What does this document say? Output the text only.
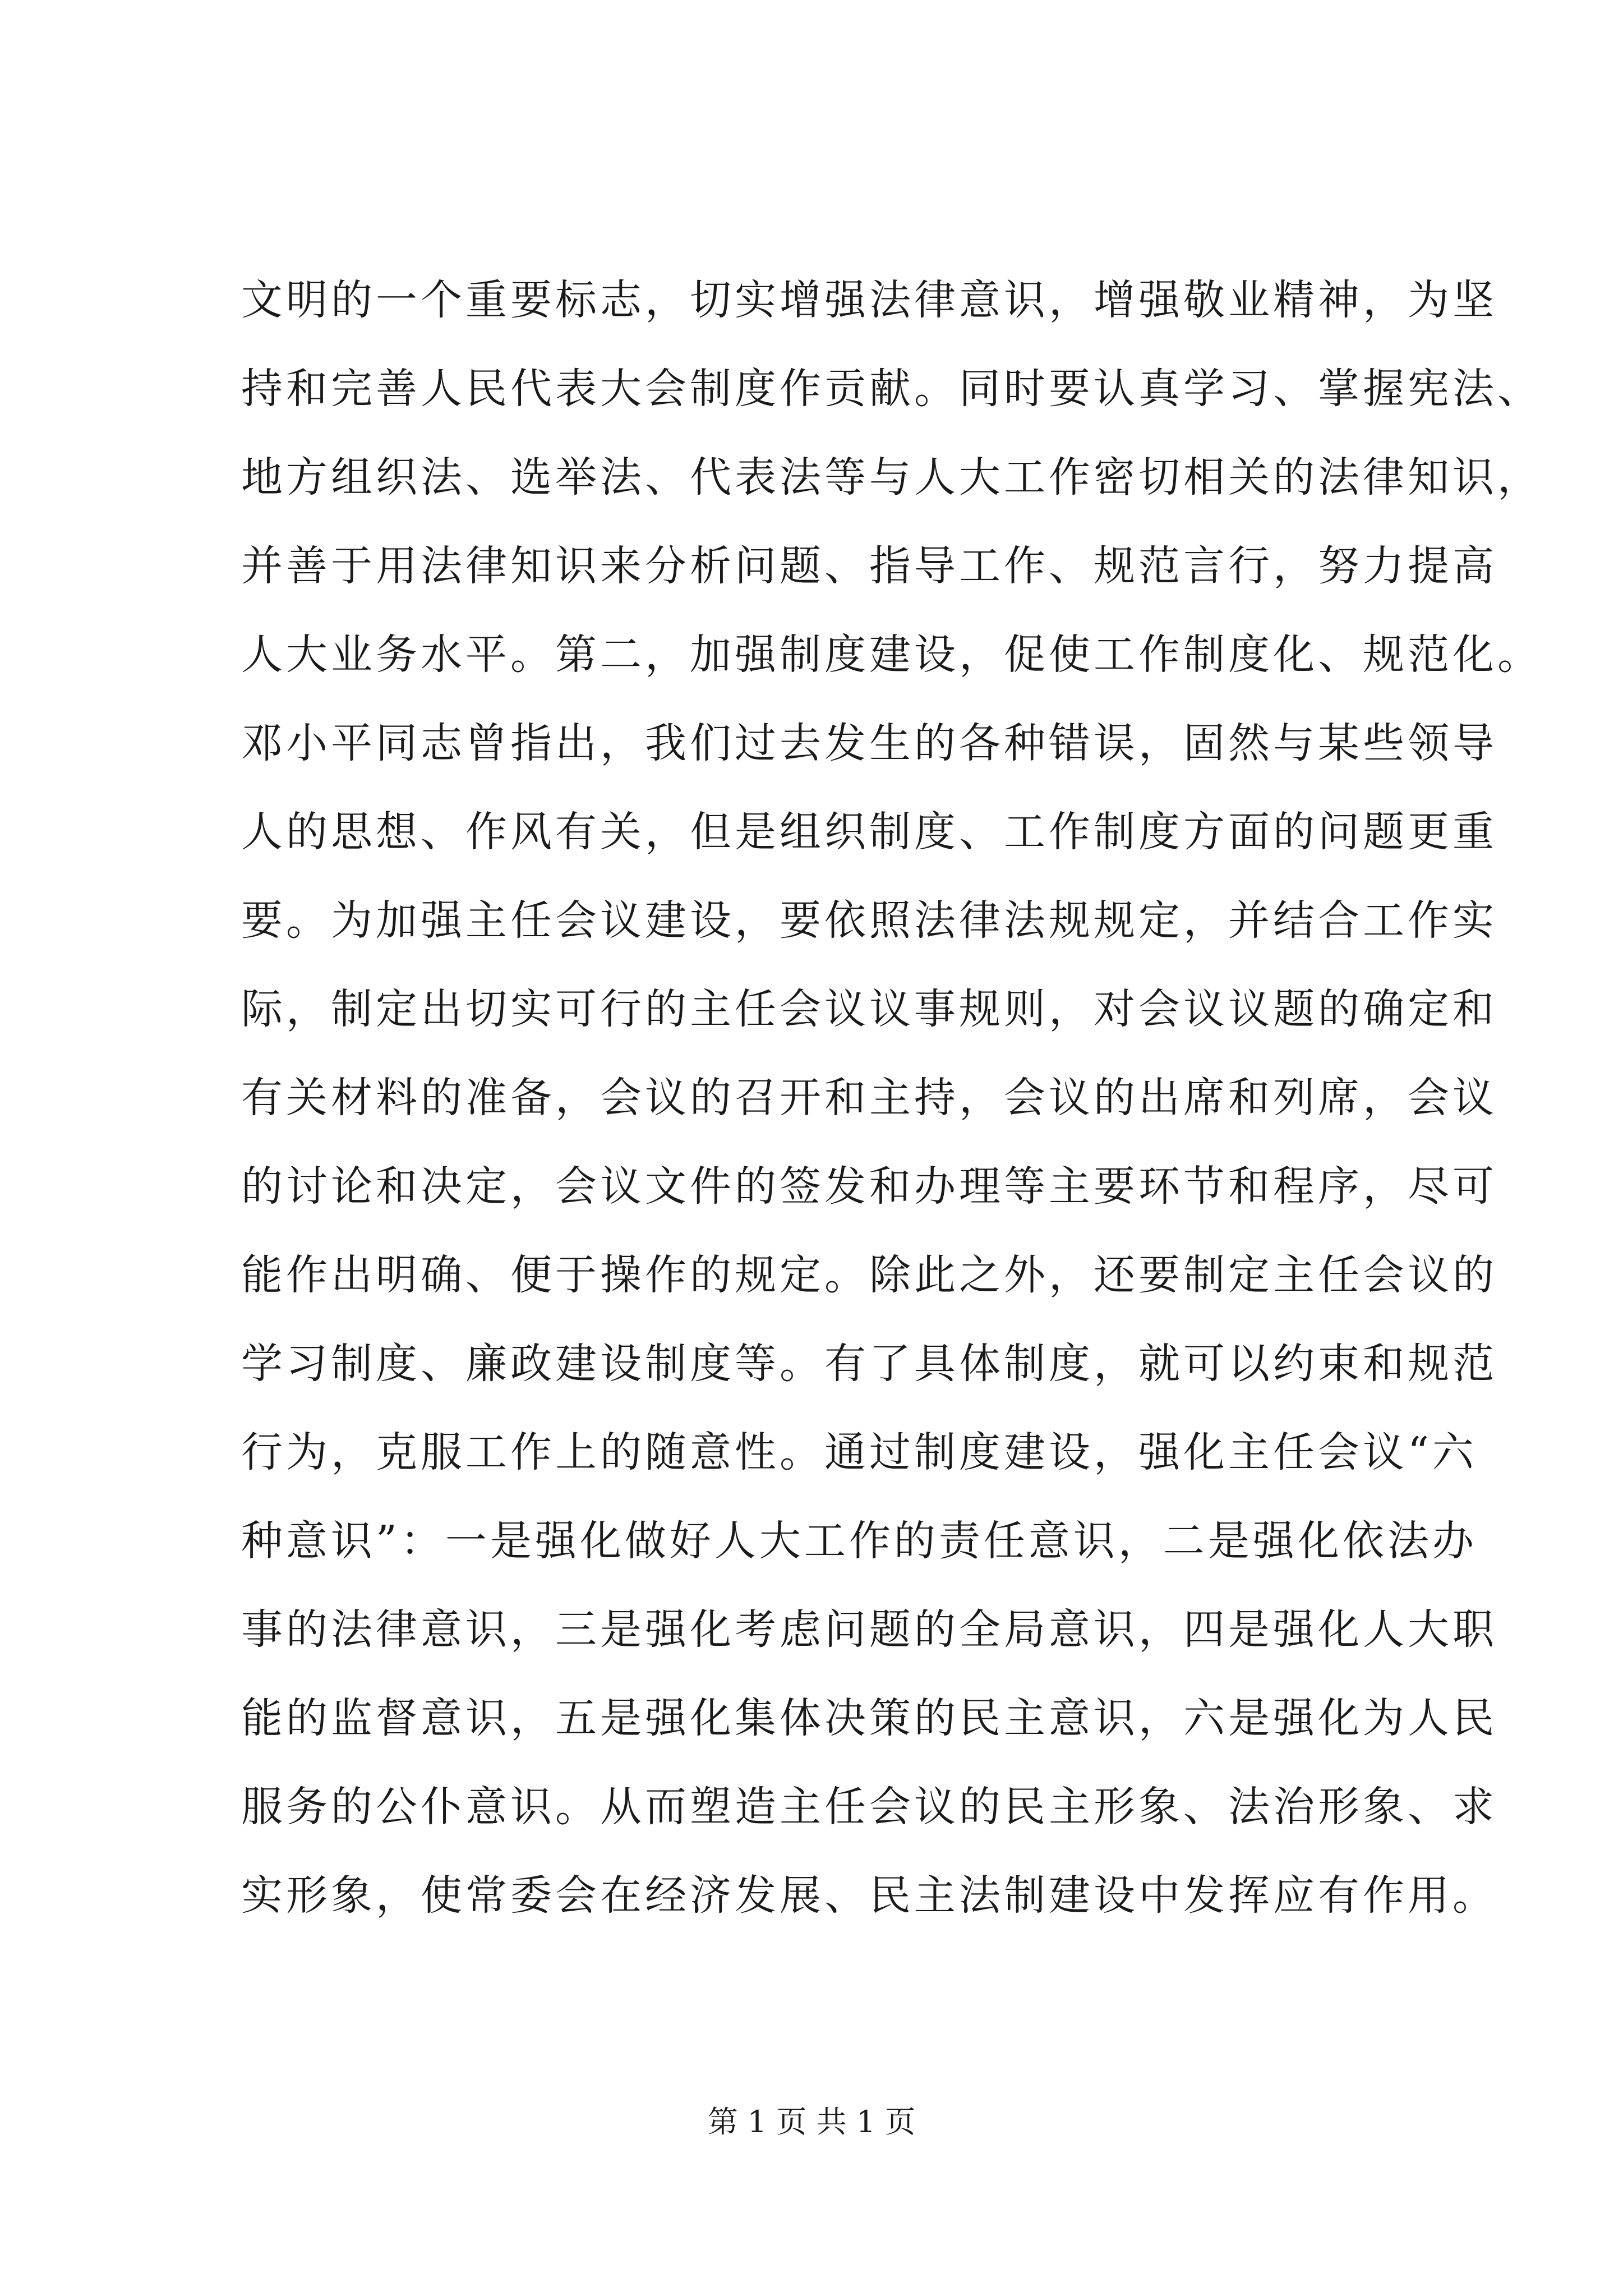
文明的一个重要标志，切实增强法律意识，增强敬业精神，为坚
持和完善人民代表大会制度作贡献。同时要认真学习、掌握宪法、
地方组织法、选举法、代表法等与人大工作密切相关的法律知识，
并善于用法律知识来分析问题、指导工作、规范言行，努力提高
人大业务水平。第二，加强制度建设，促使工作制度化、规范化。
邓小平同志曾指出，我们过去发生的各种错误，固然与某些领导
人的思想、作风有关，但是组织制度、工作制度方面的问题更重
要。为加强主任会议建设，要依照法律法规规定，并结合工作实
际，制定出切实可行的主任会议议事规则，对会议议题的确定和
有关材料的准备，会议的召开和主持，会议的出席和列席，会议
的讨论和决定，会议文件的签发和办理等主要环节和程序，尽可
能作出明确、便于操作的规定。除此之外，还要制定主任会议的
学习制度、廉政建设制度等。有了具体制度，就可以约束和规范
行为，克服工作上的随意性。通过制度建设，强化主任会议“六
种意识”：一是强化做好人大工作的责任意识，二是强化依法办
事的法律意识，三是强化考虑问题的全局意识，四是强化人大职
能的监督意识，五是强化集体决策的民主意识，六是强化为人民
服务的公仆意识。从而塑造主任会议的民主形象、法治形象、求
实形象，使常委会在经济发展、民主法制建设中发挥应有作用。
第 1 页 共 1 页
